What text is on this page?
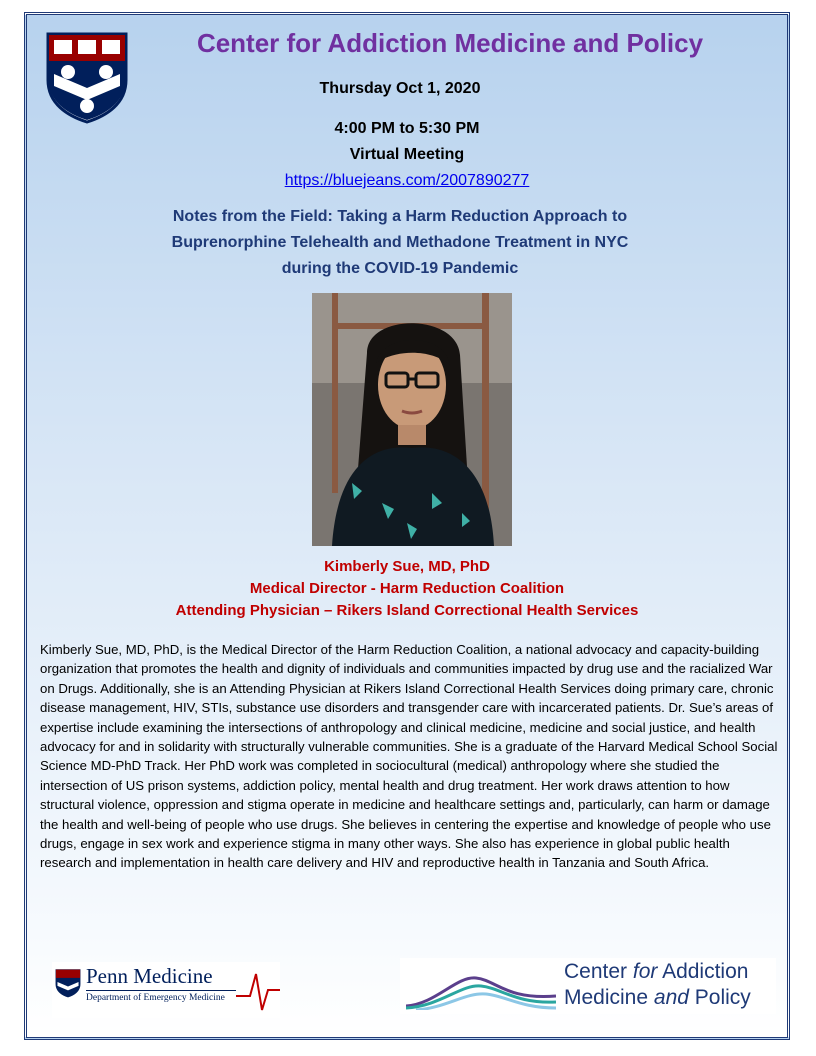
Center for Addiction Medicine and Policy
Thursday Oct 1, 2020
4:00 PM to 5:30 PM
Virtual Meeting
https://bluejeans.com/2007890277
Notes from the Field: Taking a Harm Reduction Approach to
Buprenorphine Telehealth and Methadone Treatment in NYC
during the COVID-19 Pandemic
Kimberly Sue, MD, PhD
Medical Director - Harm Reduction Coalition
Attending Physician – Rikers Island Correctional Health Services
Kimberly Sue, MD, PhD, is the Medical Director of the Harm Reduction Coalition, a national advocacy and capacity-building organization that promotes the health and dignity of individuals and communities impacted by drug use and the racialized War on Drugs. Additionally, she is an Attending Physician at Rikers Island Correctional Health Services doing primary care, chronic disease management, HIV, STIs, substance use disorders and transgender care with incarcerated patients. Dr. Sue’s areas of expertise include examining the intersections of anthropology and clinical medicine, medicine and social justice, and health advocacy for and in solidarity with structurally vulnerable communities. She is a graduate of the Harvard Medical School Social Science MD-PhD Track. Her PhD work was completed in sociocultural (medical) anthropology where she studied the intersection of US prison systems, addiction policy, mental health and drug treatment. Her work draws attention to how structural violence, oppression and stigma operate in medicine and healthcare settings and, particularly, can harm or damage the health and well-being of people who use drugs. She believes in centering the expertise and knowledge of people who use drugs, engage in sex work and experience stigma in many other ways. She also has experience in global public health research and implementation in health care delivery and HIV and reproductive health in Tanzania and South Africa.
Penn Medicine
Department of Emergency Medicine
Center for Addiction
Medicine and Policy
